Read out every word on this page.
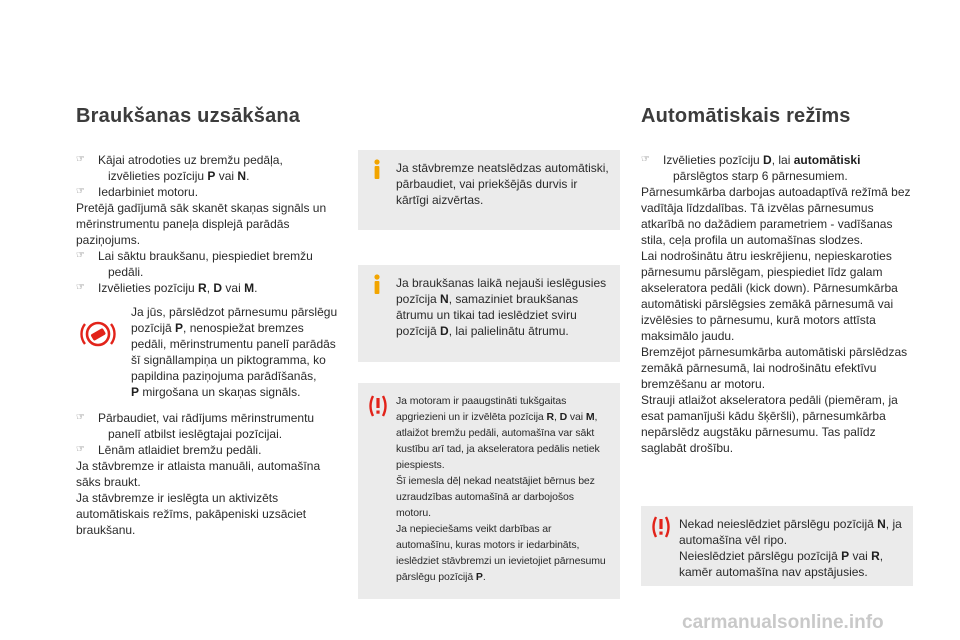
Braukšanas uzsākšana
☞ Kājai atrodoties uz bremžu pedāļa,
izvēlieties pozīciju P vai N.
☞ Iedarbiniet motoru.

Pretējā gadījumā sāk skanēt skaņas signāls un mērinstrumentu paneļa displejā parādās paziņojums.

☞ Lai sāktu braukšanu, piespiediet bremžu pedāli.
☞ Izvēlieties pozīciju R, D vai M.
Ja jūs, pārslēdzot pārnesumu pārslēgu pozīcijā P, nenospiežat bremzes pedāli, mērinstrumentu panelī parādās šī signāllampiņa un piktogramma, ko papildina paziņojuma parādīšanās,
P mirgošana un skaņas signāls.
☞ Pārbaudiet, vai rādījums mērinstrumentu panelī atbilst ieslēgtajai pozīcijai.
☞ Lēnām atlaidiet bremžu pedāli.

Ja stāvbremze ir atlaista manuāli, automašīna sāks braukt.

Ja stāvbremze ir ieslēgta un aktivizēts automātiskais režīms, pakāpeniski uzsāciet braukšanu.

Ja stāvbremze neatslēdzas automātiski, pārbaudiet, vai priekšējās durvis ir kārtīgi aizvērtas.
Ja braukšanas laikā nejauši ieslēgusies pozīcija N, samaziniet braukšanas ātrumu un tikai tad ieslēdziet sviru pozīcijā D, lai palielinātu ātrumu.
Ja motoram ir paaugstināti tukšgaitas apgriezieni un ir izvēlēta pozīcija R, D vai M, atlaižot bremžu pedāli, automašīna var sākt kustību arī tad, ja akseleratora pedālis netiek piespiests.
Šī iemesla dēļ nekad neatstājiet bērnus bez uzraudzības automašīnā ar darbojošos motoru.
Ja nepieciešams veikt darbības ar automašīnu, kuras motors ir iedarbināts, ieslēdziet stāvbremzi un ievietojiet pārnesumu pārslēgu pozīcijā P.
Automātiskais režīms
☞ Izvēlieties pozīciju D, lai automātiski
pārslēgtos starp 6 pārnesumiem.

Pārnesumkārba darbojas autoadaptīvā režīmā bez vadītāja līdzdalības. Tā izvēlas pārnesumus atkarībā no dažādiem parametriem - vadīšanas stila, ceļa profila un automašīnas slodzes.

Lai nodrošinātu ātru ieskrējienu, nepieskaroties pārnesumu pārslēgam, piespiediet līdz galam akseleratora pedāli (kick down). Pārnesumkārba automātiski pārslēgsies zemākā pārnesumā vai izvēlēsies to pārnesumu, kurā motors attīsta maksimālo jaudu.

Bremzējot pārnesumkārba automātiski pārslēdzas zemākā pārnesumā, lai nodrošinātu efektīvu bremzēšanu ar motoru.

Strauji atlaižot akseleratora pedāli (piemēram, ja esat pamanījuši kādu šķēršli), pārnesumkārba nepārslēdz augstāku pārnesumu. Tas palīdz saglabāt drošību.

Nekad neieslēdziet pārslēgu pozīcijā N, ja automašīna vēl ripo.
Neieslēdziet pārslēgu pozīcijā P vai R, kamēr automašīna nav apstājusies.
carmanualsonline.info
